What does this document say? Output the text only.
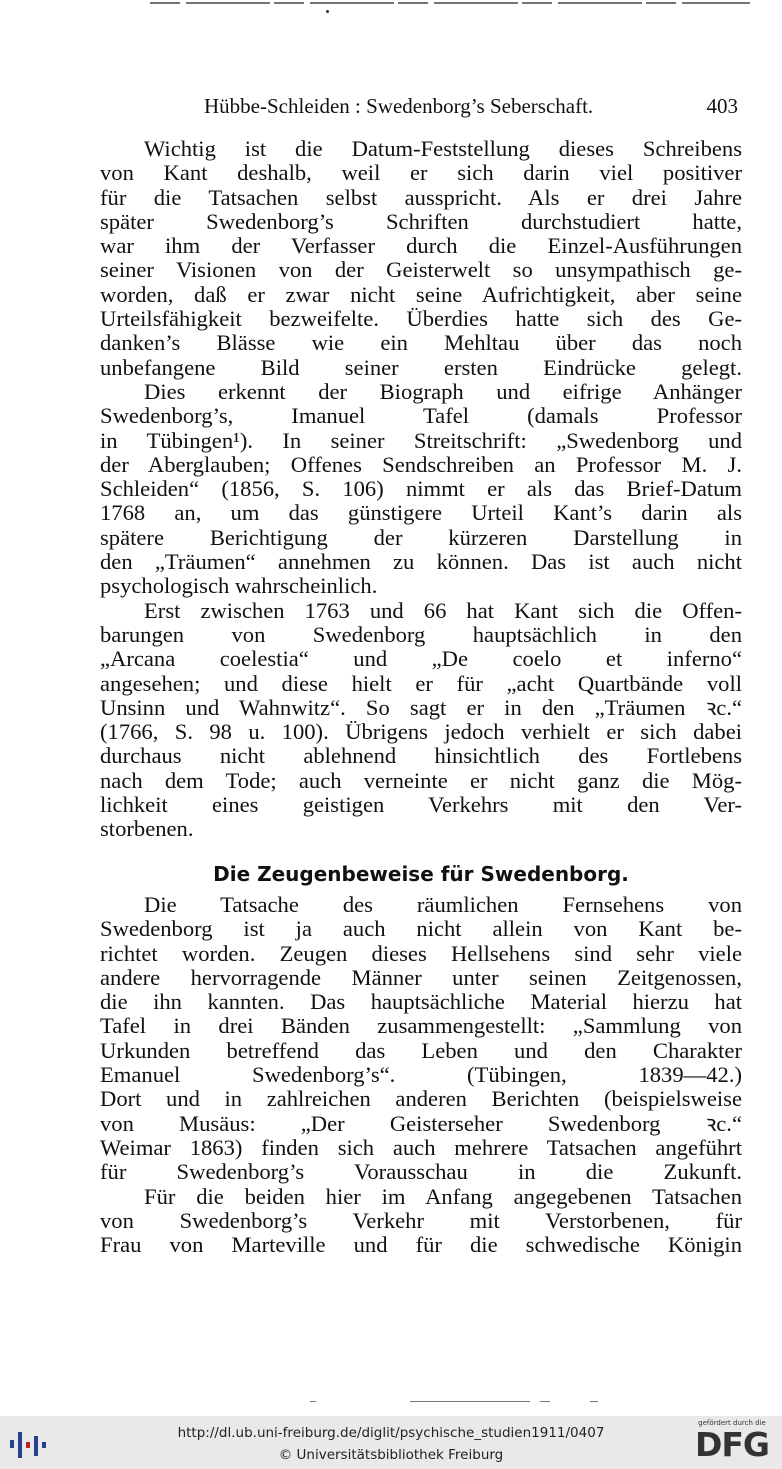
Hübbe-Schleiden : Swedenborg’s Seberschaft.	403
Wichtig ist die Datum-Feststellung dieses Schreibens
von Kant deshalb, weil er sich darin viel positiver
für die Tatsachen selbst ausspricht. Als er drei Jahre
später Swedenborg’s Schriften durchstudiert hatte,
war ihm der Verfasser durch die Einzel-Ausführungen
seiner Visionen von der Geisterwelt so unsympathisch ge-
worden, daß er zwar nicht seine Aufrichtigkeit, aber seine
Urteilsfähigkeit bezweifelte. Überdies hatte sich des Ge-
danken’s Blässe wie ein Mehltau über das noch
unbefangene Bild seiner ersten Eindrücke gelegt.
Dies erkennt der Biograph und eifrige Anhänger
Swedenborg’s, Imanuel Tafel (damals Professor
in Tübingen¹). In seiner Streitschrift: „Swedenborg und
der Aberglauben; Offenes Sendschreiben an Professor M. J.
Schleiden“ (1856, S. 106) nimmt er als das Brief-Datum
1768 an, um das günstigere Urteil Kant’s darin als
spätere Berichtigung der kürzeren Darstellung in
den „Träumen“ annehmen zu können. Das ist auch nicht
psychologisch wahrscheinlich.
Erst zwischen 1763 und 66 hat Kant sich die Offen-
barungen von Swedenborg hauptsächlich in den
„Arcana coelestia“ und „De coelo et inferno“
angesehen; und diese hielt er für „acht Quartbände voll
Unsinn und Wahnwitz“. So sagt er in den „Träumen ꝛc.“
(1766, S. 98 u. 100). Übrigens jedoch verhielt er sich dabei
durchaus nicht ablehnend hinsichtlich des Fortlebens
nach dem Tode; auch verneinte er nicht ganz die Mög-
lichkeit eines geistigen Verkehrs mit den Ver-
storbenen.
Die Zeugenbeweise für Swedenborg.
Die Tatsache des räumlichen Fernsehens von
Swedenborg ist ja auch nicht allein von Kant be-
richtet worden. Zeugen dieses Hellsehens sind sehr viele
andere hervorragende Männer unter seinen Zeitgenossen,
die ihn kannten. Das hauptsächliche Material hierzu hat
Tafel in drei Bänden zusammengestellt: „Sammlung von
Urkunden betreffend das Leben und den Charakter
Emanuel Swedenborg’s“. (Tübingen, 1839—42.)
Dort und in zahlreichen anderen Berichten (beispielsweise
von Musäus: „Der Geisterseher Swedenborg ꝛc.“
Weimar 1863) finden sich auch mehrere Tatsachen angeführt
für Swedenborg’s Vorausschau in die Zukunft.
Für die beiden hier im Anfang angegebenen Tatsachen
von Swedenborg’s Verkehr mit Verstorbenen, für
Frau von Marteville und für die schwedische Königin
http://dl.ub.uni-freiburg.de/diglit/psychische_studien1911/0407
© Universitätsbibliothek Freiburg
gefördert durch die
DFG
